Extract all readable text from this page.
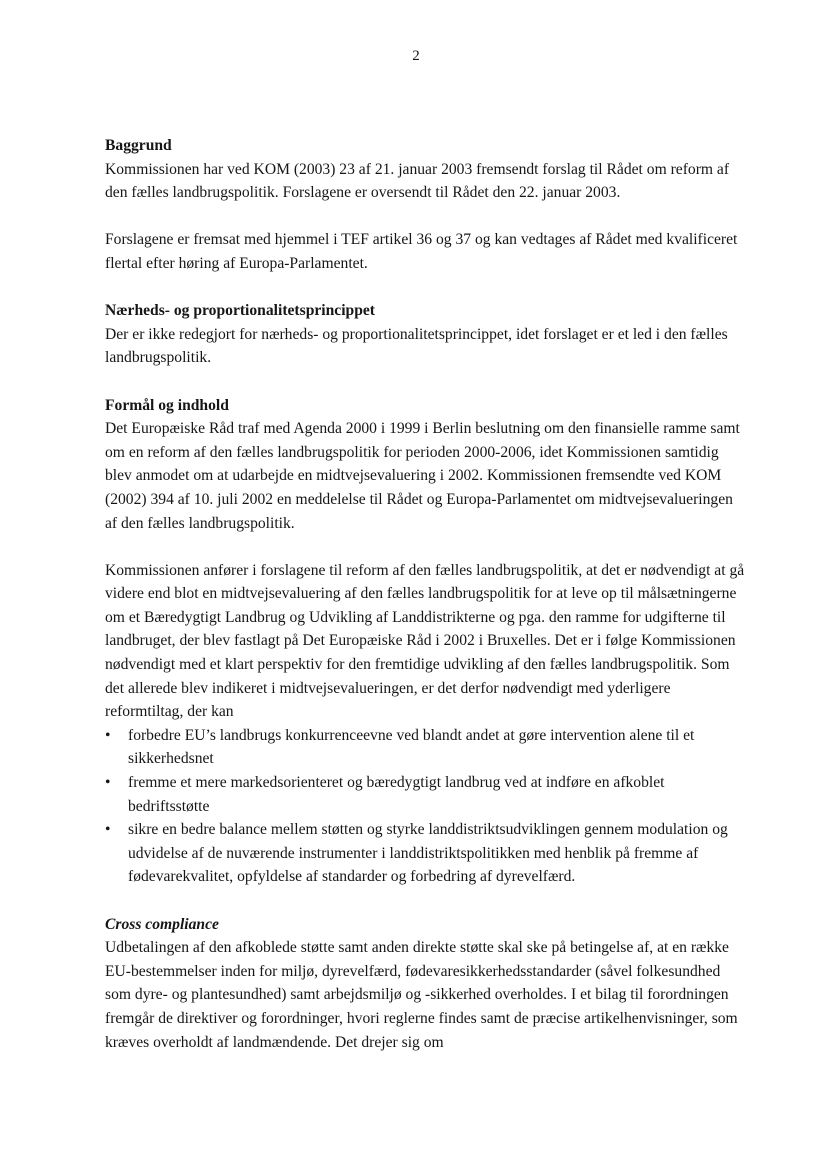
2
Baggrund

Kommissionen har ved KOM (2003) 23 af 21. januar 2003 fremsendt forslag til Rådet om reform af den fælles landbrugspolitik. Forslagene er oversendt til Rådet den 22. januar 2003.

Forslagene er fremsat med hjemmel i TEF artikel 36 og 37 og kan vedtages af Rådet med kvalificeret flertal efter høring af Europa-Parlamentet.

Nærheds- og proportionalitetsprincippet

Der er ikke redegjort for nærheds- og proportionalitetsprincippet, idet forslaget er et led i den fælles landbrugspolitik.

Formål og indhold

Det Europæiske Råd traf med Agenda 2000 i 1999 i Berlin beslutning om den finansielle ramme samt om en reform af den fælles landbrugspolitik for perioden 2000-2006, idet Kommissionen samtidig blev anmodet om at udarbejde en midtvejsevaluering i 2002. Kommissionen fremsendte ved KOM (2002) 394 af 10. juli 2002 en meddelelse til Rådet og Europa-Parlamentet om midtvejsevalueringen af den fælles landbrugspolitik.

Kommissionen anfører i forslagene til reform af den fælles landbrugspolitik, at det er nødvendigt at gå videre end blot en midtvejsevaluering af den fælles landbrugspolitik for at leve op til målsætningerne om et Bæredygtigt Landbrug og Udvikling af Landdistrikterne og pga. den ramme for udgifterne til landbruget, der blev fastlagt på Det Europæiske Råd i 2002 i Bruxelles. Det er i følge Kommissionen nødvendigt med et klart perspektiv for den fremtidige udvikling af den fælles landbrugspolitik. Som det allerede blev indikeret i midtvejsevalueringen, er det derfor nødvendigt med yderligere reformtiltag, der kan

• forbedre EU’s landbrugs konkurrenceevne ved blandt andet at gøre intervention alene til et sikkerhedsnet
• fremme et mere markedsorienteret og bæredygtigt landbrug ved at indføre en afkoblet bedriftsstøtte
• sikre en bedre balance mellem støtten og styrke landdistriktsudviklingen gennem modulation og udvidelse af de nuværende instrumenter i landdistriktspolitikken med henblik på fremme af fødevarekvalitet, opfyldelse af standarder og forbedring af dyrevelfærd.
Cross compliance

Udbetalingen af den afkoblede støtte samt anden direkte støtte skal ske på betingelse af, at en række EU-bestemmelser inden for miljø, dyrevelfærd, fødevaresikkerhedsstandarder (såvel folkesundhed som dyre- og plantesundhed) samt arbejdsmiljø og -sikkerhed overholdes. I et bilag til forordningen fremgår de direktiver og forordninger, hvori reglerne findes samt de præcise artikelhenvisninger, som kræves overholdt af landmændende. Det drejer sig om
